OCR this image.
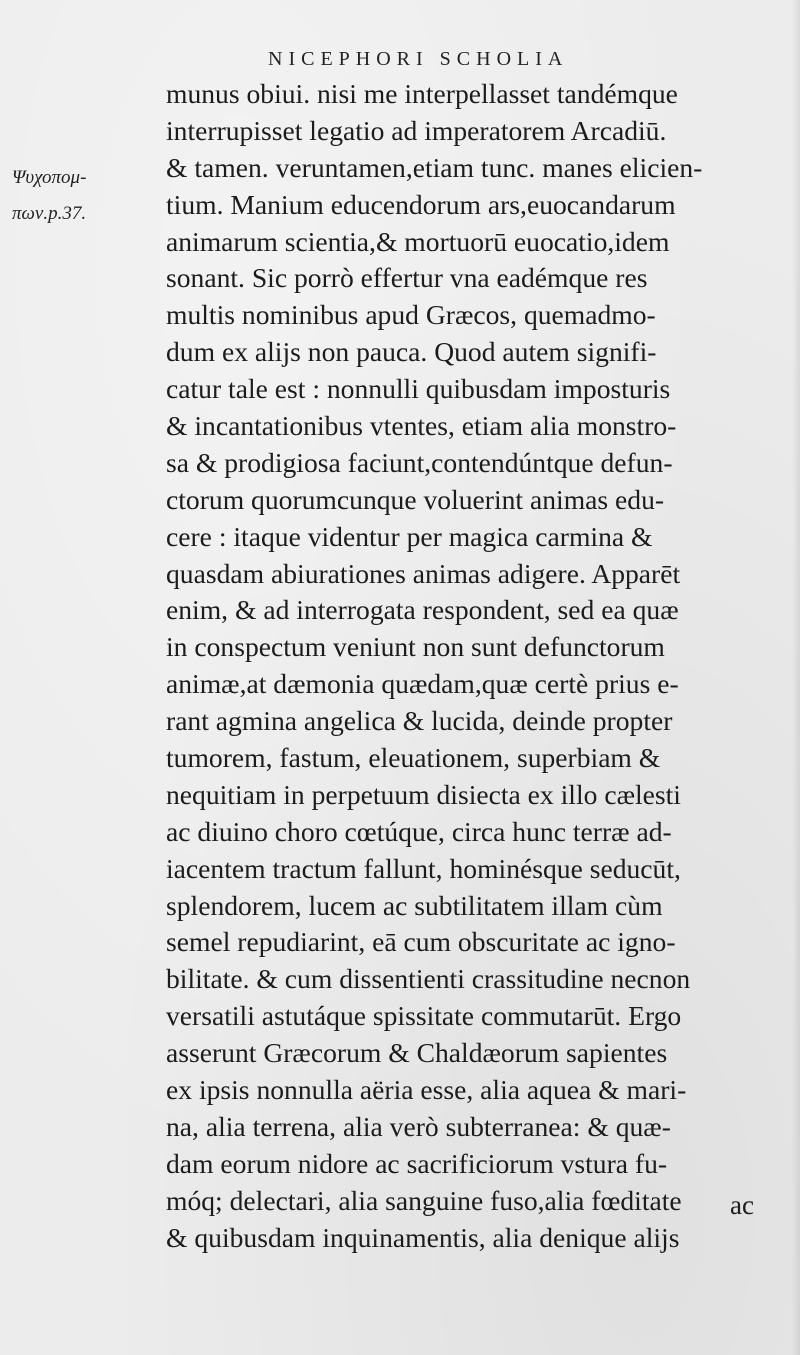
NICEPHORI SCHOLIA
Ψυχοπομ-
πων.p.37.
munus obiui. nisi me interpellasset tandémque
interrupisset legatio ad imperatorem Arcadiū.
& tamen. veruntamen,etiam tunc. manes elicien-
tium. Manium educendorum ars,euocandarum
animarum scientia,& mortuorū euocatio,idem
sonant. Sic porrò effertur vna eadémque res
multis nominibus apud Græcos, quemadmo-
dum ex alijs non pauca. Quod autem signifi-
catur tale est : nonnulli quibusdam imposturis
& incantationibus vtentes, etiam alia monstro-
sa & prodigiosa faciunt,contendúntque defun-
ctorum quorumcunque voluerint animas edu-
cere : itaque videntur per magica carmina &
quasdam abiurationes animas adigere. Apparēt
enim, & ad interrogata respondent, sed ea quæ
in conspectum veniunt non sunt defunctorum
animæ,at dæmonia quædam,quæ certè prius e-
rant agmina angelica & lucida, deinde propter
tumorem, fastum, eleuationem, superbiam &
nequitiam in perpetuum disiecta ex illo cælesti
ac diuino choro cœtúque, circa hunc terræ ad-
iacentem tractum fallunt, hominésque seducūt,
splendorem, lucem ac subtilitatem illam cùm
semel repudiarint, eā cum obscuritate ac igno-
bilitate. & cum dissentienti crassitudine necnon
versatili astutáque spissitate commutarūt. Ergo
asserunt Græcorum & Chaldæorum sapientes
ex ipsis nonnulla aëria esse, alia aquea & mari-
na, alia terrena, alia verò subterranea: & quæ-
dam eorum nidore ac sacrificiorum vstura fu-
móq; delectari, alia sanguine fuso,alia fœditate
& quibusdam inquinamentis, alia denique alijs
ac
